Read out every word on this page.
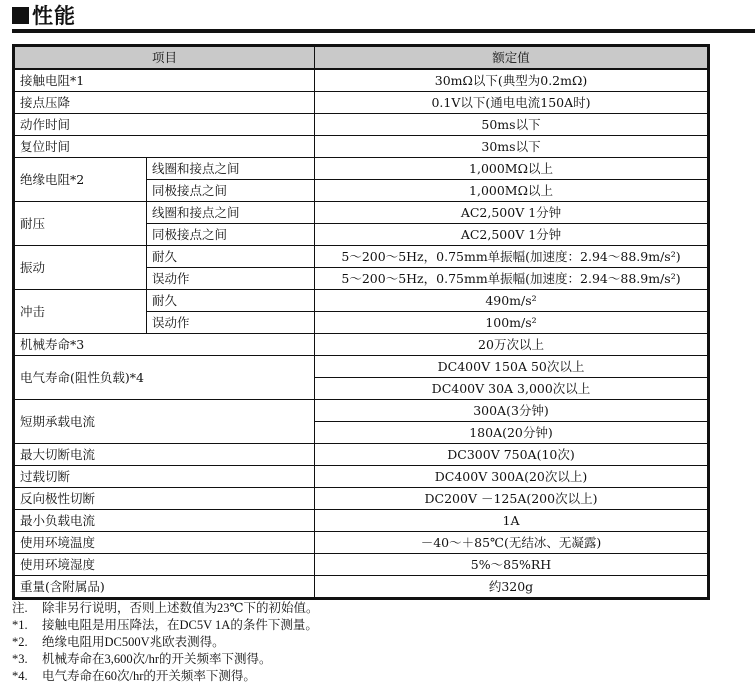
性能
项目		额定值
接触电阻*1		30mΩ以下(典型为0.2mΩ)
接点压降		0.1V以下(通电电流150A时)
动作时间		50ms以下
复位时间		30ms以下
绝缘电阻*2	线圈和接点之间	1,000MΩ以上
	同极接点之间	1,000MΩ以上
耐压	线圈和接点之间	AC2,500V 1分钟
	同极接点之间	AC2,500V 1分钟
振动	耐久	5～200～5Hz，0.75mm单振幅(加速度：2.94～88.9m/s²)
	误动作	5～200～5Hz，0.75mm单振幅(加速度：2.94～88.9m/s²)
冲击	耐久	490m/s²
	误动作	100m/s²
机械寿命*3		20万次以上
电气寿命(阻性负载)*4		DC400V 150A 50次以上
		DC400V 30A 3,000次以上
短期承载电流		300A(3分钟)
		180A(20分钟)
最大切断电流		DC300V 750A(10次)
过载切断		DC400V 300A(20次以上)
反向极性切断		DC200V －125A(200次以上)
最小负载电流		1A
使用环境温度		－40～＋85℃(无结冰、无凝露)
使用环境湿度		5%～85%RH
重量(含附属品)		约320g
注.	除非另行说明，否则上述数值为23℃下的初始值。
*1.	接触电阻是用压降法，在DC5V 1A的条件下测量。
*2.	绝缘电阻用DC500V兆欧表测得。
*3.	机械寿命在3,600次/hr的开关频率下测得。
*4.	电气寿命在60次/hr的开关频率下测得。
